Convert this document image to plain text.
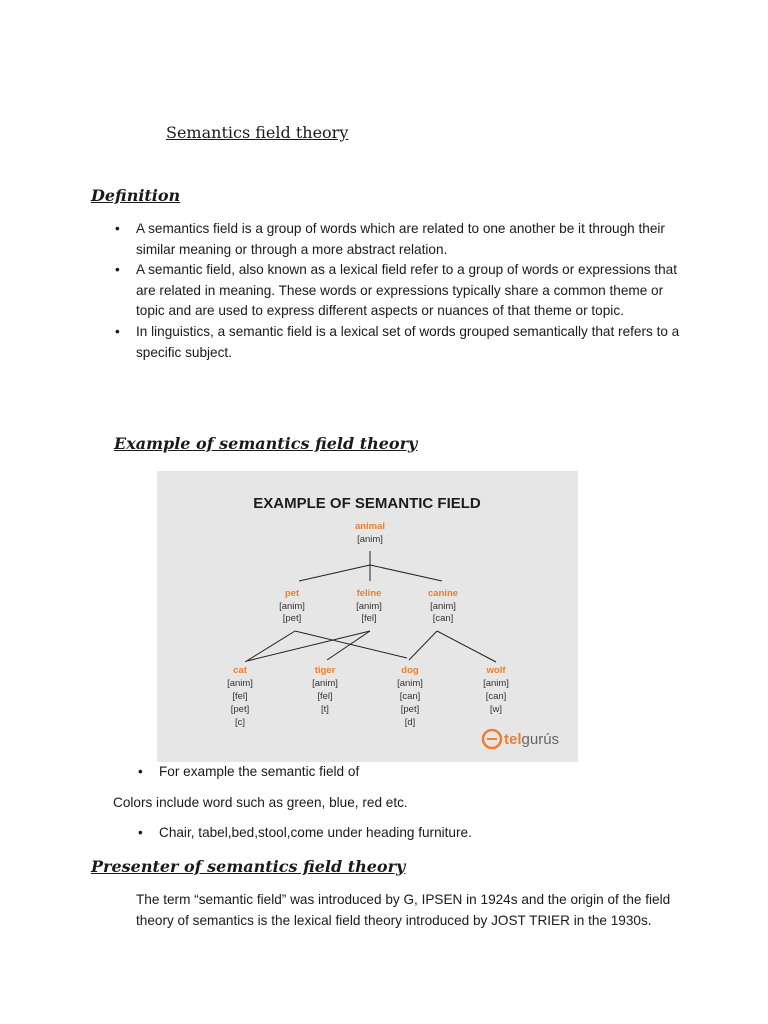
Semantics field theory
Definition
• A semantics field is a group of words which are related to one another be it through their similar meaning or through a more abstract relation.
• A semantic field, also known as a lexical field refer to a group of words or expressions that are related in meaning. These words or expressions typically share a common theme or topic and are used to express different aspects or nuances of that theme or topic.
• In linguistics, a semantic field is a lexical set of words grouped semantically that refers to a specific subject.
Example of semantics field theory
EXAMPLE OF SEMANTIC FIELD
animal
[anim]
pet
[anim]
[pet]
feline
[anim]
[fel]
canine
[anim]
[can]
cat
[anim]
[fel]
[pet]
[c]
tiger
[anim]
[fel]
[t]
dog
[anim]
[can]
[pet]
[d]
wolf
[anim]
[can]
[w]
telgurús
• For example the semantic field of
Colors include word such as green, blue, red etc.
• Chair, tabel,bed,stool,come under heading furniture.
Presenter of semantics field theory
The term “semantic field” was introduced by G, IPSEN in 1924s and the origin of the field theory of semantics is the lexical field theory introduced by JOST TRIER in the 1930s.
